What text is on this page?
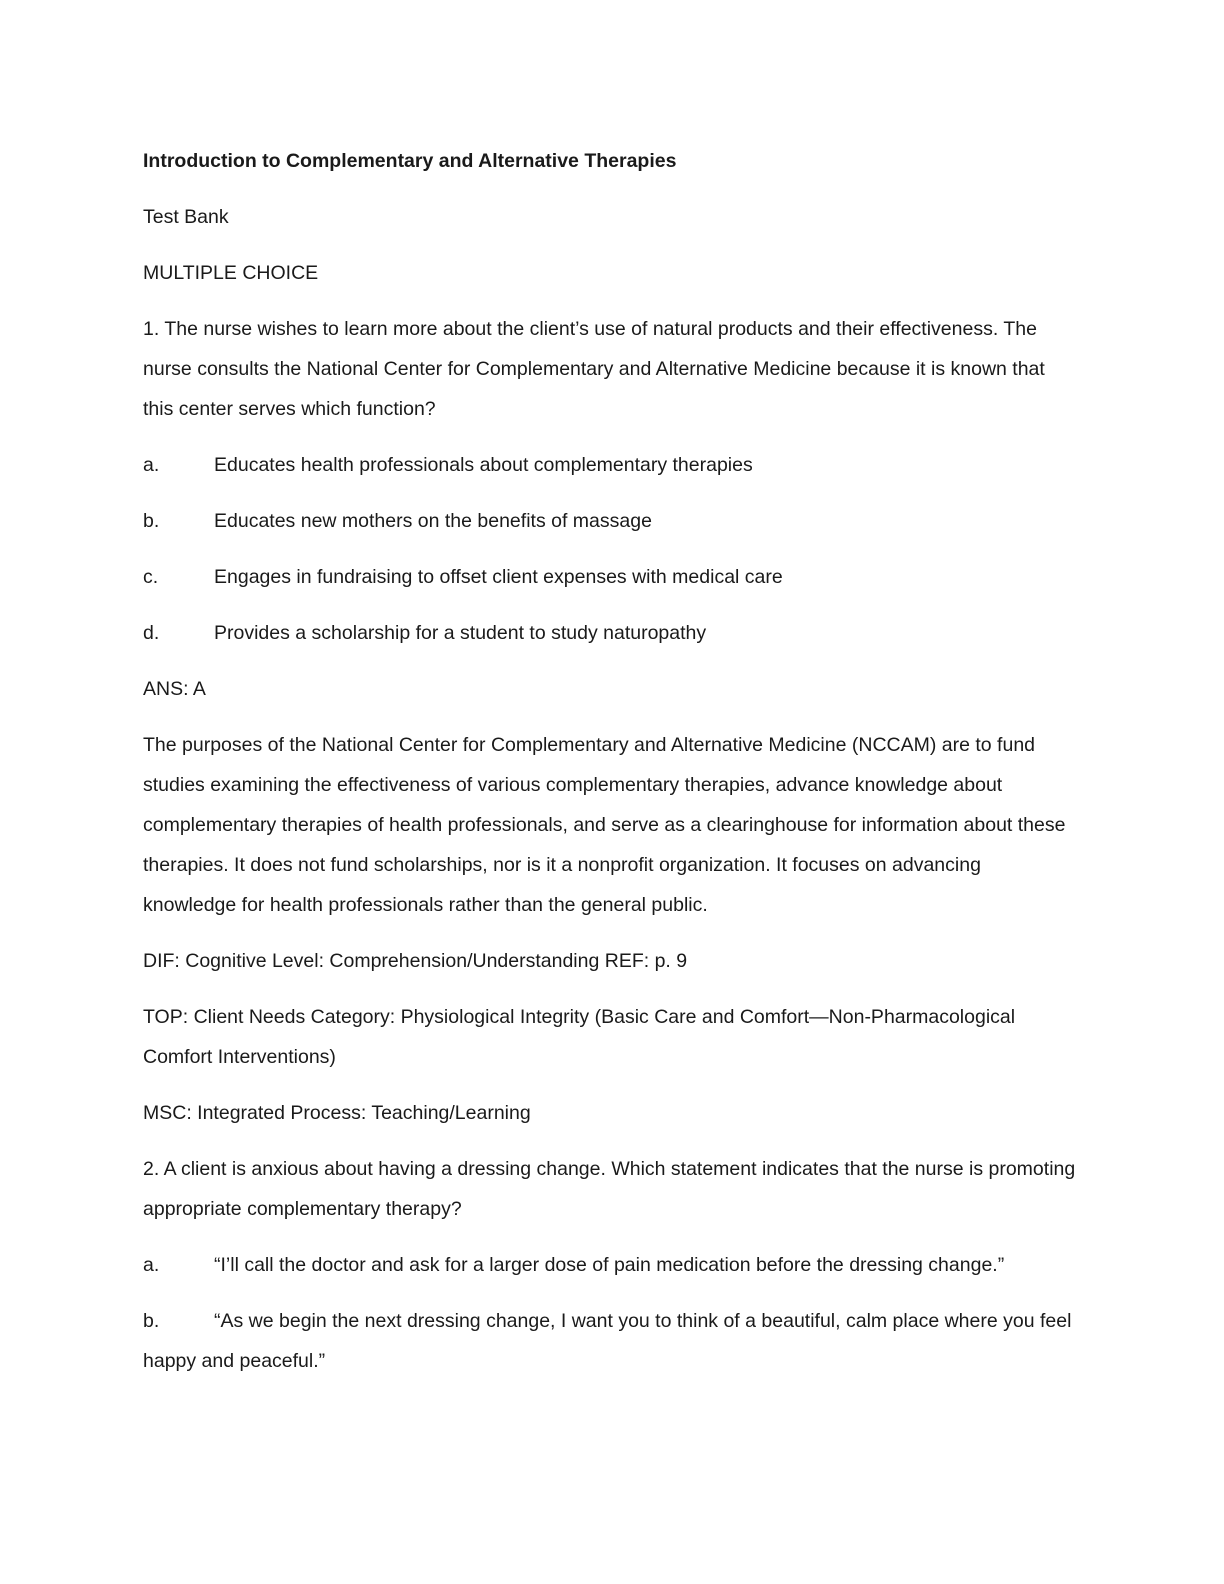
Introduction to Complementary and Alternative Therapies

Test Bank

MULTIPLE CHOICE

1. The nurse wishes to learn more about the client’s use of natural products and their effectiveness. The nurse consults the National Center for Complementary and Alternative Medicine because it is known that this center serves which function?

a.	Educates health professionals about complementary therapies

b.	Educates new mothers on the benefits of massage

c.	Engages in fundraising to offset client expenses with medical care

d.	Provides a scholarship for a student to study naturopathy

ANS: A

The purposes of the National Center for Complementary and Alternative Medicine (NCCAM) are to fund studies examining the effectiveness of various complementary therapies, advance knowledge about complementary therapies of health professionals, and serve as a clearinghouse for information about these therapies. It does not fund scholarships, nor is it a nonprofit organization. It focuses on advancing knowledge for health professionals rather than the general public.

DIF: Cognitive Level: Comprehension/Understanding REF: p. 9

TOP: Client Needs Category: Physiological Integrity (Basic Care and Comfort—Non-Pharmacological Comfort Interventions)

MSC: Integrated Process: Teaching/Learning

2. A client is anxious about having a dressing change. Which statement indicates that the nurse is promoting appropriate complementary therapy?

a.	“I’ll call the doctor and ask for a larger dose of pain medication before the dressing change.”

b.	“As we begin the next dressing change, I want you to think of a beautiful, calm place where you feel happy and peaceful.”
